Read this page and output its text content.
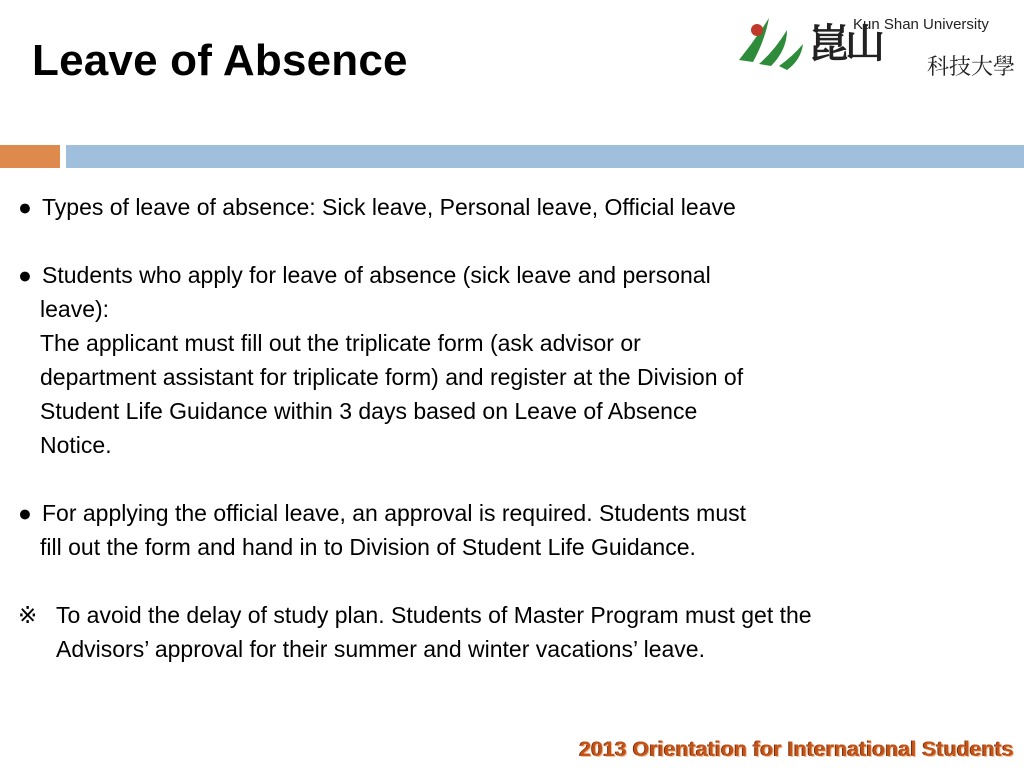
Leave of Absence	崑山
科技大學
Kun Shan University
● Types of leave of absence: Sick leave, Personal leave, Official leave
● Students who apply for leave of absence (sick leave and personal
leave):
The applicant must fill out the triplicate form (ask advisor or
department assistant for triplicate form) and register at the Division of
Student Life Guidance within 3 days based on Leave of Absence
Notice.
● For applying the official leave, an approval is required. Students must
fill out the form and hand in to Division of Student Life Guidance.
※ To avoid the delay of study plan. Students of Master Program must get the
Advisors’ approval for their summer and winter vacations’ leave.
2013 Orientation for International Students
